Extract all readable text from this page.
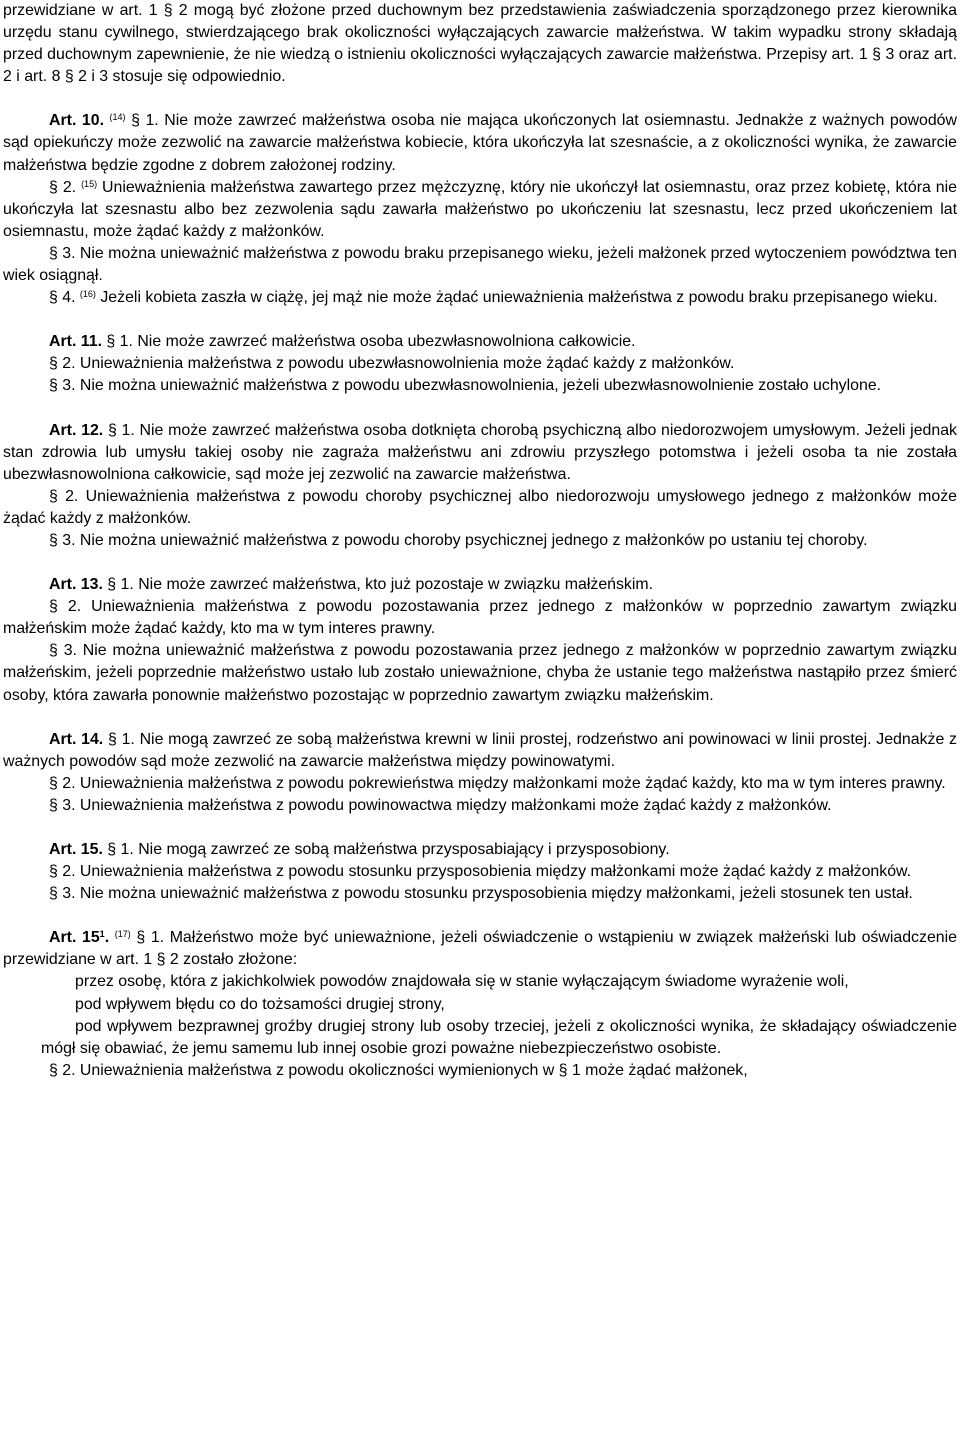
przewidziane w art. 1 § 2 mogą być złożone przed duchownym bez przedstawienia zaświadczenia sporządzonego przez kierownika urzędu stanu cywilnego, stwierdzającego brak okoliczności wyłączających zawarcie małżeństwa. W takim wypadku strony składają przed duchownym zapewnienie, że nie wiedzą o istnieniu okoliczności wyłączających zawarcie małżeństwa. Przepisy art. 1 § 3 oraz art. 2 i art. 8 § 2 i 3 stosuje się odpowiednio.

Art. 10. $^{(14)}$ § 1. Nie może zawrzeć małżeństwa osoba nie mająca ukończonych lat osiemnastu. Jednakże z ważnych powodów sąd opiekuńczy może zezwolić na zawarcie małżeństwa kobiecie, która ukończyła lat szesnaście, a z okoliczności wynika, że zawarcie małżeństwa będzie zgodne z dobrem założonej rodziny.

§ 2. $^{(15)}$ Unieważnienia małżeństwa zawartego przez mężczyznę, który nie ukończył lat osiemnastu, oraz przez kobietę, która nie ukończyła lat szesnastu albo bez zezwolenia sądu zawarła małżeństwo po ukończeniu lat szesnastu, lecz przed ukończeniem lat osiemnastu, może żądać każdy z małżonków.

§ 3. Nie można unieważnić małżeństwa z powodu braku przepisanego wieku, jeżeli małżonek przed wytoczeniem powództwa ten wiek osiągnął.

§ 4. $^{(16)}$ Jeżeli kobieta zaszła w ciążę, jej mąż nie może żądać unieważnienia małżeństwa z powodu braku przepisanego wieku.

Art. 11. § 1. Nie może zawrzeć małżeństwa osoba ubezwłasnowolniona całkowicie.

§ 2. Unieważnienia małżeństwa z powodu ubezwłasnowolnienia może żądać każdy z małżonków.

§ 3. Nie można unieważnić małżeństwa z powodu ubezwłasnowolnienia, jeżeli ubezwłasnowolnienie zostało uchylone.

Art. 12. § 1. Nie może zawrzeć małżeństwa osoba dotknięta chorobą psychiczną albo niedorozwojem umysłowym. Jeżeli jednak stan zdrowia lub umysłu takiej osoby nie zagraża małżeństwu ani zdrowiu przyszłego potomstwa i jeżeli osoba ta nie została ubezwłasnowolniona całkowicie, sąd może jej zezwolić na zawarcie małżeństwa.

§ 2. Unieważnienia małżeństwa z powodu choroby psychicznej albo niedorozwoju umysłowego jednego z małżonków może żądać każdy z małżonków.

§ 3. Nie można unieważnić małżeństwa z powodu choroby psychicznej jednego z małżonków po ustaniu tej choroby.

Art. 13. § 1. Nie może zawrzeć małżeństwa, kto już pozostaje w związku małżeńskim.

§ 2. Unieważnienia małżeństwa z powodu pozostawania przez jednego z małżonków w poprzednio zawartym związku małżeńskim może żądać każdy, kto ma w tym interes prawny.

§ 3. Nie można unieważnić małżeństwa z powodu pozostawania przez jednego z małżonków w poprzednio zawartym związku małżeńskim, jeżeli poprzednie małżeństwo ustało lub zostało unieważnione, chyba że ustanie tego małżeństwa nastąpiło przez śmierć osoby, która zawarła ponownie małżeństwo pozostając w poprzednio zawartym związku małżeńskim.

Art. 14. § 1. Nie mogą zawrzeć ze sobą małżeństwa krewni w linii prostej, rodzeństwo ani powinowaci w linii prostej. Jednakże z ważnych powodów sąd może zezwolić na zawarcie małżeństwa między powinowatymi.

§ 2. Unieważnienia małżeństwa z powodu pokrewieństwa między małżonkami może żądać każdy, kto ma w tym interes prawny.

§ 3. Unieważnienia małżeństwa z powodu powinowactwa między małżonkami może żądać każdy z małżonków.

Art. 15. § 1. Nie mogą zawrzeć ze sobą małżeństwa przysposabiający i przysposobiony.

§ 2. Unieważnienia małżeństwa z powodu stosunku przysposobienia między małżonkami może żądać każdy z małżonków.

§ 3. Nie można unieważnić małżeństwa z powodu stosunku przysposobienia między małżonkami, jeżeli stosunek ten ustał.

Art. $15^1$. $^{(17)}$ § 1. Małżeństwo może być unieważnione, jeżeli oświadczenie o wstąpieniu w związek małżeński lub oświadczenie przewidziane w art. 1 § 2 zostało złożone:

przez osobę, która z jakichkolwiek powodów znajdowała się w stanie wyłączającym świadome wyrażenie woli,

pod wpływem błędu co do tożsamości drugiej strony,

pod wpływem bezprawnej groźby drugiej strony lub osoby trzeciej, jeżeli z okoliczności wynika, że składający oświadczenie mógł się obawiać, że jemu samemu lub innej osobie grozi poważne niebezpieczeństwo osobiste.

§ 2. Unieważnienia małżeństwa z powodu okoliczności wymienionych w § 1 może żądać małżonek,
